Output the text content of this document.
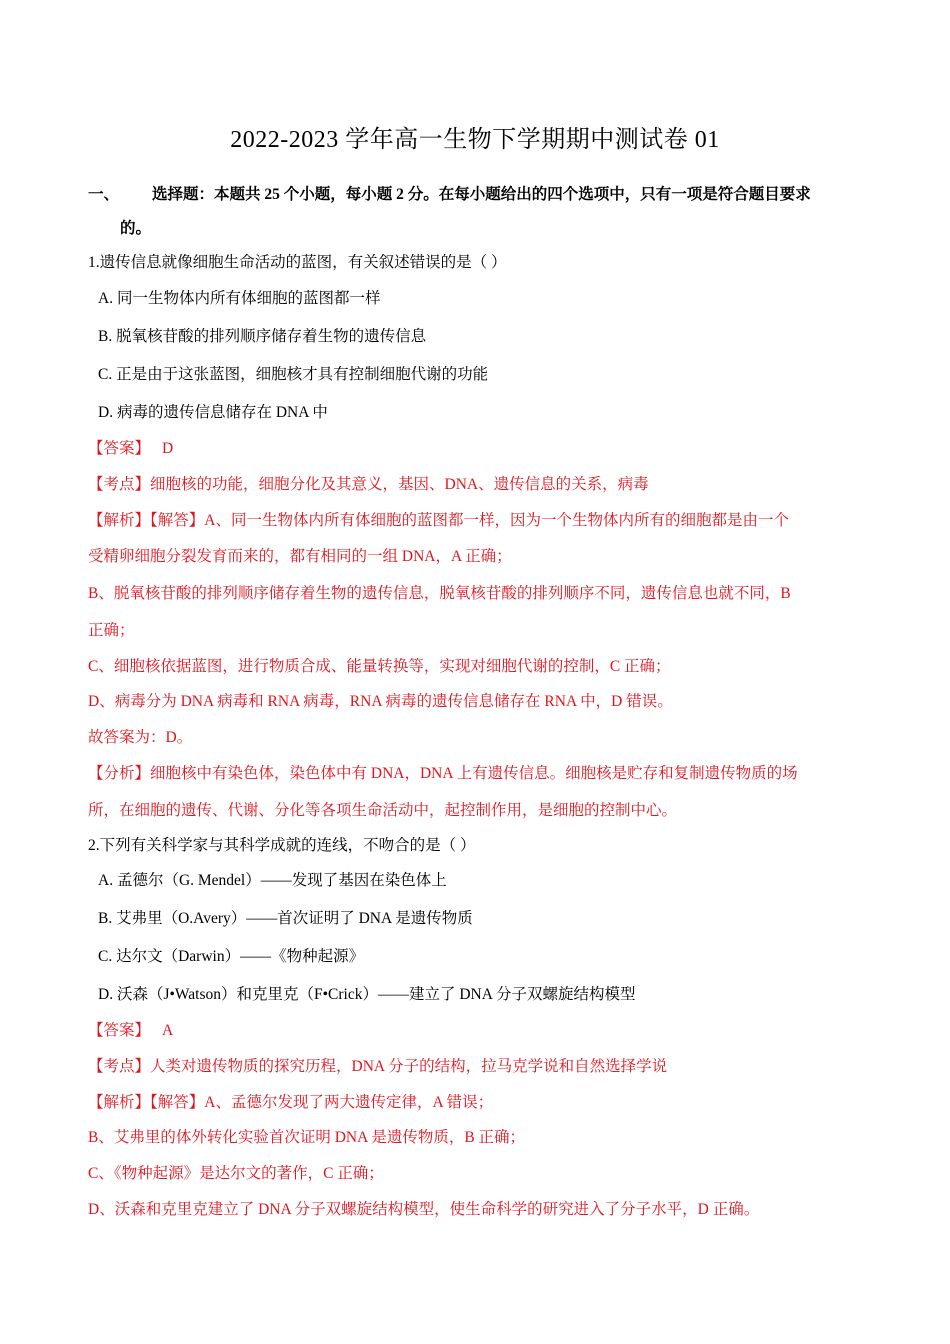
2022-2023 学年高一生物下学期期中测试卷 01
一、 选择题：本题共 25 个小题，每小题 2 分。在每小题给出的四个选项中，只有一项是符合题目要求
的。
1.遗传信息就像细胞生命活动的蓝图，有关叙述错误的是（ ）
A. 同一生物体内所有体细胞的蓝图都一样
B. 脱氧核苷酸的排列顺序储存着生物的遗传信息
C. 正是由于这张蓝图，细胞核才具有控制细胞代谢的功能
D. 病毒的遗传信息储存在 DNA 中
【答案】 D
【考点】细胞核的功能，细胞分化及其意义，基因、DNA、遗传信息的关系，病毒
【解析】【解答】A、同一生物体内所有体细胞的蓝图都一样，因为一个生物体内所有的细胞都是由一个
受精卵细胞分裂发育而来的，都有相同的一组 DNA，A 正确；
B、脱氧核苷酸的排列顺序储存着生物的遗传信息，脱氧核苷酸的排列顺序不同，遗传信息也就不同，B
正确；
C、细胞核依据蓝图，进行物质合成、能量转换等，实现对细胞代谢的控制，C 正确；
D、病毒分为 DNA 病毒和 RNA 病毒，RNA 病毒的遗传信息储存在 RNA 中，D 错误。
故答案为：D。
【分析】细胞核中有染色体，染色体中有 DNA，DNA 上有遗传信息。细胞核是贮存和复制遗传物质的场
所，在细胞的遗传、代谢、分化等各项生命活动中，起控制作用，是细胞的控制中心。
2.下列有关科学家与其科学成就的连线，不吻合的是（ ）
A. 孟德尔（G. Mendel）——发现了基因在染色体上
B. 艾弗里（O.Avery）——首次证明了 DNA 是遗传物质
C. 达尔文（Darwin）——《物种起源》
D. 沃森（J•Watson）和克里克（F•Crick）——建立了 DNA 分子双螺旋结构模型
【答案】 A
【考点】人类对遗传物质的探究历程，DNA 分子的结构，拉马克学说和自然选择学说
【解析】【解答】A、孟德尔发现了两大遗传定律，A 错误；
B、艾弗里的体外转化实验首次证明 DNA 是遗传物质，B 正确；
C、《物种起源》是达尔文的著作，C 正确；
D、沃森和克里克建立了 DNA 分子双螺旋结构模型，使生命科学的研究进入了分子水平，D 正确。
